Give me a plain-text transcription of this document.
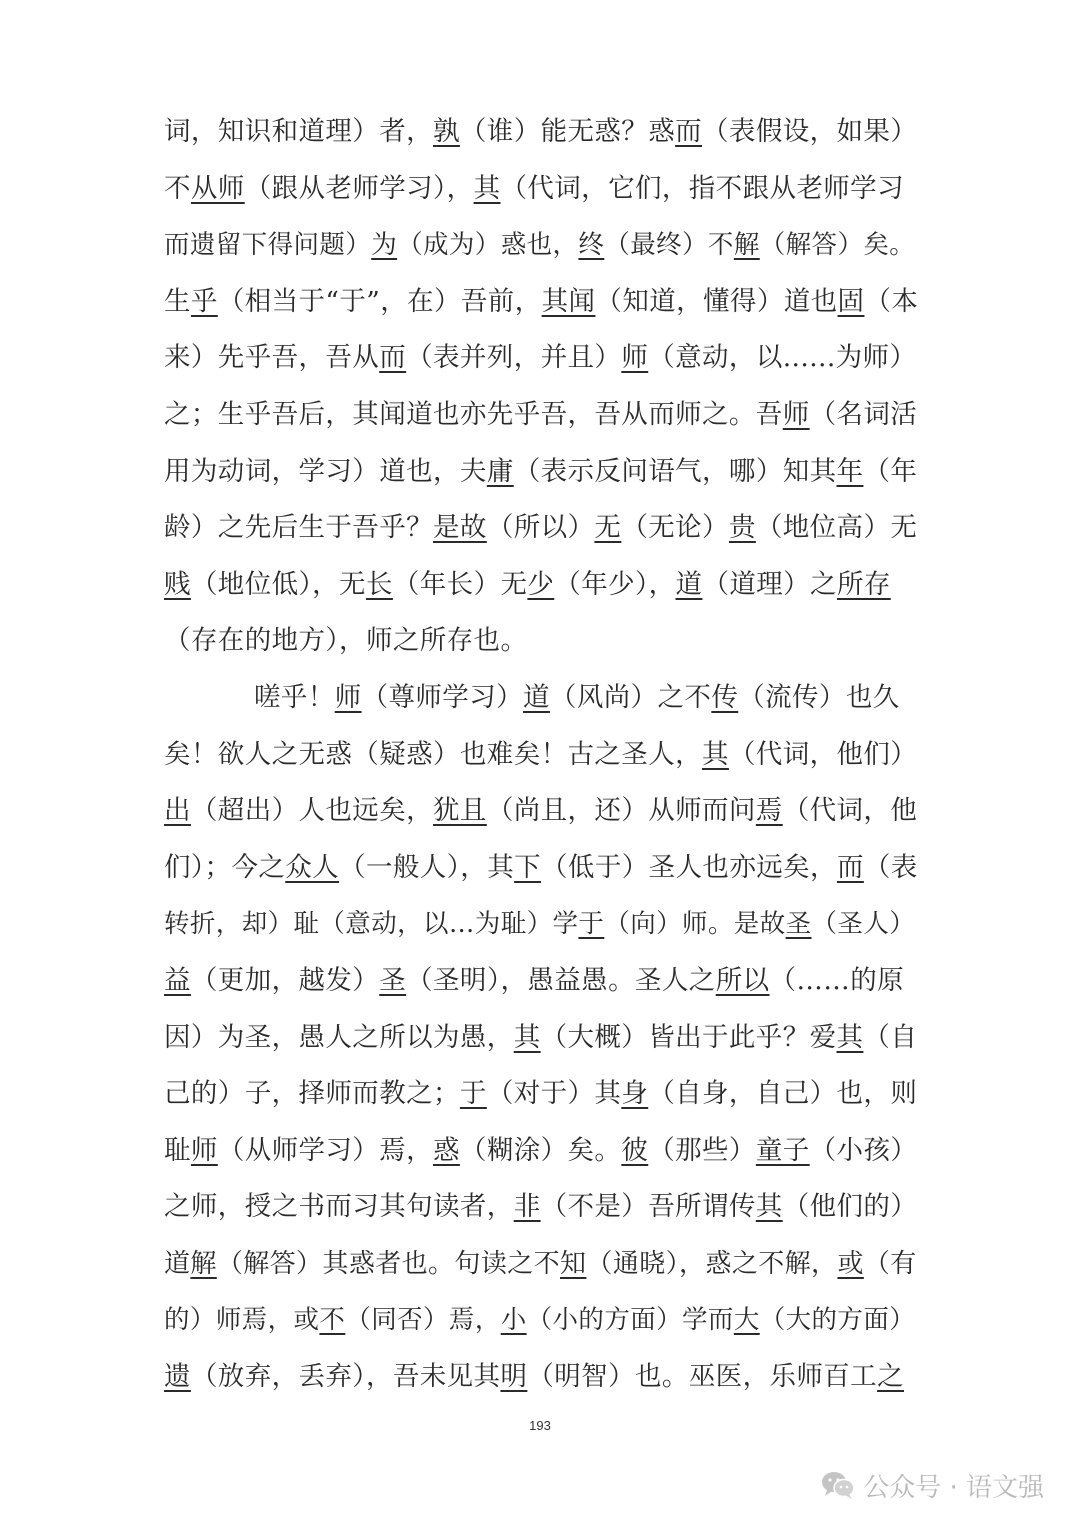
词，知识和道理）者，孰（谁）能无惑？惑而（表假设，如果）
不从师（跟从老师学习），其（代词，它们，指不跟从老师学习
而遗留下得问题）为（成为）惑也，终（最终）不解（解答）矣。
生乎（相当于“于”，在）吾前，其闻（知道，懂得）道也固（本
来）先乎吾，吾从而（表并列，并且）师（意动，以......为师）
之；生乎吾后，其闻道也亦先乎吾，吾从而师之。吾师（名词活
用为动词，学习）道也，夫庸（表示反问语气，哪）知其年（年
龄）之先后生于吾乎？是故（所以）无（无论）贵（地位高）无
贱（地位低），无长（年长）无少（年少），道（道理）之所存
（存在的地方），师之所存也。
嗟乎！师（尊师学习）道（风尚）之不传（流传）也久
矣！欲人之无惑（疑惑）也难矣！古之圣人，其（代词，他们）
出（超出）人也远矣，犹且（尚且，还）从师而问焉（代词，他
们）；今之众人（一般人），其下（低于）圣人也亦远矣，而（表
转折，却）耻（意动，以…为耻）学于（向）师。是故圣（圣人）
益（更加，越发）圣（圣明），愚益愚。圣人之所以（……的原
因）为圣，愚人之所以为愚，其（大概）皆出于此乎？爱其（自
己的）子，择师而教之；于（对于）其身（自身，自己）也，则
耻师（从师学习）焉，惑（糊涂）矣。彼（那些）童子（小孩）
之师，授之书而习其句读者，非（不是）吾所谓传其（他们的）
道解（解答）其惑者也。句读之不知（通晓），惑之不解，或（有
的）师焉，或不（同否）焉，小（小的方面）学而大（大的方面）
遗（放弃，丢弃），吾未见其明（明智）也。巫医，乐师百工之
193
公众号 · 语文强
